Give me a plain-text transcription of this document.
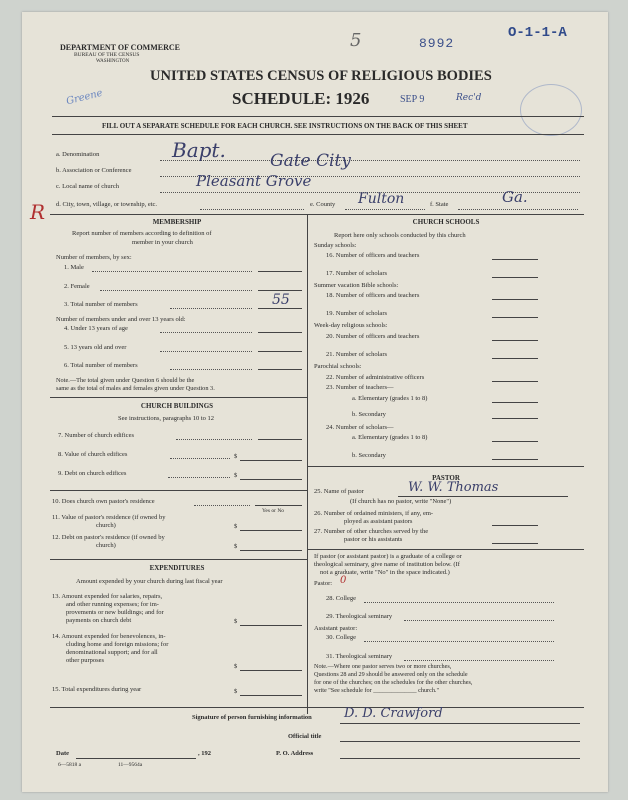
DEPARTMENT OF COMMERCE
BUREAU OF THE CENSUS
WASHINGTON
5	8992
O-1-1-A
UNITED STATES CENSUS OF RELIGIOUS BODIES
Greene	SCHEDULE: 1926	SEP 9	Rec'd
FILL OUT A SEPARATE SCHEDULE FOR EACH CHURCH. SEE INSTRUCTIONS ON THE BACK OF THIS SHEET
a. Denomination	Bapt.
b. Association or Conference	Gate City
c. Local name of church	Pleasant Grove
R d. City, town, village, or township, etc.	e. County Fulton	f. State	Ga.
MEMBERSHIP
Report number of members according to definition of
member in your church
Number of members, by sex:
1. Male
2. Female
3. Total number of members	55
Number of members under and over 13 years old:
4. Under 13 years of age
5. 13 years old and over
6. Total number of members
Note.—The total given under Question 6 should be the
same as the total of males and females given under Question 3.
CHURCH BUILDINGS
See instructions, paragraphs 10 to 12
7. Number of church edifices
8. Value of church edifices	$
9. Debt on church edifices	$
10. Does church own pastor's residence
Yes or No
11. Value of pastor's residence (if owned by
church)	$
12. Debt on pastor's residence (if owned by
church)	$
EXPENDITURES
Amount expended by your church during last fiscal year
13. Amount expended for salaries, repairs,
and other running expenses; for im-
provements or new buildings; and for
payments on church debt	$
14. Amount expended for benevolences, in-
cluding home and foreign missions; for
denominational support; and for all
other purposes
$
15. Total expenditures during year	$
CHURCH SCHOOLS
Report here only schools conducted by this church
Sunday schools:
16. Number of officers and teachers
17. Number of scholars
Summer vacation Bible schools:
18. Number of officers and teachers
19. Number of scholars
Week-day religious schools:
20. Number of officers and teachers
21. Number of scholars
Parochial schools:
22. Number of administrative officers
23. Number of teachers—
a. Elementary (grades 1 to 8)
b. Secondary
24. Number of scholars—
a. Elementary (grades 1 to 8)
b. Secondary
PASTOR
25. Name of pastor	W. W. Thomas
(If church has no pastor, write "None")
26. Number of ordained ministers, if any, em-
ployed as assistant pastors
27. Number of other churches served by the
pastor or his assistants
If pastor (or assistant pastor) is a graduate of a college or
theological seminary, give name of institution below. (If
not a graduate, write "No" in the space indicated.)
Pastor: 0
28. College
29. Theological seminary
Assistant pastor:
30. College
31. Theological seminary
Note.—Where one pastor serves two or more churches,
Questions 28 and 29 should be answered only on the schedule
for one of the churches; on the schedules for the other churches,
write "See schedule for ______________ church."
Signature of person furnishing information D. D. Crawford
Official title
Date	, 192	P. O. Address
6—5818 a	11—9564a
